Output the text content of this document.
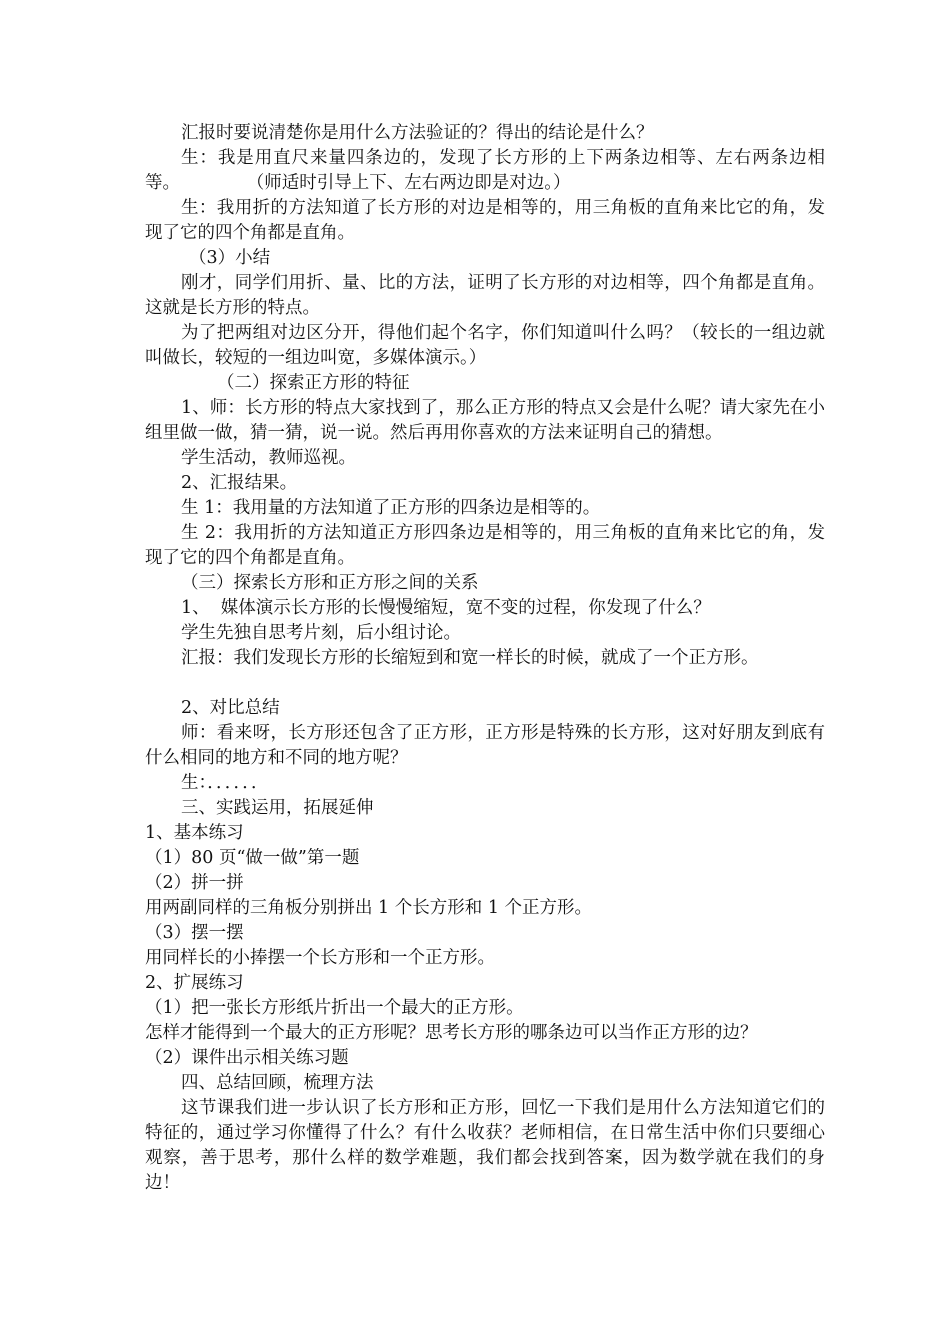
汇报时要说清楚你是用什么方法验证的？得出的结论是什么？

生：我是用直尺来量四条边的，发现了长方形的上下两条边相等、左右两条边相等。            （师适时引导上下、左右两边即是对边。）

生：我用折的方法知道了长方形的对边是相等的，用三角板的直角来比它的角，发现了它的四个角都是直角。

（3）小结

刚才，同学们用折、量、比的方法，证明了长方形的对边相等，四个角都是直角。这就是长方形的特点。

为了把两组对边区分开，得他们起个名字，你们知道叫什么吗？（较长的一组边就叫做长，较短的一组边叫宽，多媒体演示。）

（二）探索正方形的特征

1、师：长方形的特点大家找到了，那么正方形的特点又会是什么呢？请大家先在小组里做一做，猜一猜，说一说。然后再用你喜欢的方法来证明自己的猜想。

学生活动，教师巡视。

2、汇报结果。

生 1：我用量的方法知道了正方形的四条边是相等的。

生 2：我用折的方法知道正方形四条边是相等的，用三角板的直角来比它的角，发现了它的四个角都是直角。

（三）探索长方形和正方形之间的关系

1、  媒体演示长方形的长慢慢缩短，宽不变的过程，你发现了什么？

学生先独自思考片刻，后小组讨论。

汇报：我们发现长方形的长缩短到和宽一样长的时候，就成了一个正方形。

2、对比总结

师：看来呀，长方形还包含了正方形，正方形是特殊的长方形，这对好朋友到底有什么相同的地方和不同的地方呢？

生：．．．．．．

三、实践运用，拓展延伸

1、基本练习

（1）80 页“做一做”第一题

（2）拼一拼

用两副同样的三角板分别拼出 1 个长方形和 1 个正方形。

（3）摆一摆

用同样长的小捧摆一个长方形和一个正方形。

2、扩展练习

（1）把一张长方形纸片折出一个最大的正方形。

怎样才能得到一个最大的正方形呢？思考长方形的哪条边可以当作正方形的边？

（2）课件出示相关练习题

四、总结回顾，梳理方法

这节课我们进一步认识了长方形和正方形，回忆一下我们是用什么方法知道它们的特征的，通过学习你懂得了什么？有什么收获？老师相信，在日常生活中你们只要细心观察，善于思考，那什么样的数学难题，我们都会找到答案，因为数学就在我们的身边！
